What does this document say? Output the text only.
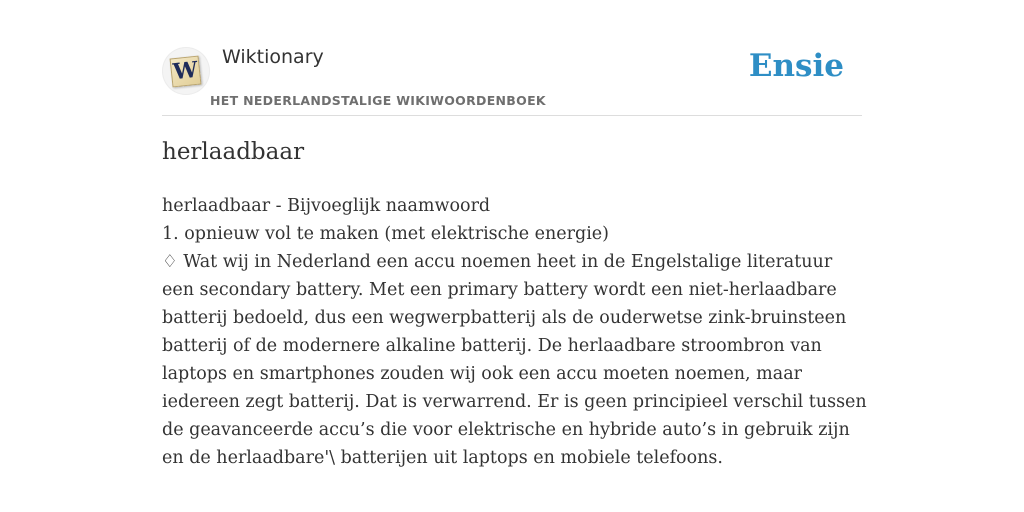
W Wiktionary
HET NEDERLANDSTALIGE WIKIWOORDENBOEK
Ensie
herlaadbaar

herlaadbaar - Bijvoeglijk naamwoord

1. opnieuw vol te maken (met elektrische energie)

♢ Wat wij in Nederland een accu noemen heet in de Engelstalige literatuur een secondary battery. Met een primary battery wordt een niet-herlaadbare batterij bedoeld, dus een wegwerpbatterij als de ouderwetse zink-bruinsteen batterij of de modernere alkaline batterij. De herlaadbare stroombron van laptops en smartphones zouden wij ook een accu moeten noemen, maar iedereen zegt batterij. Dat is verwarrend. Er is geen principieel verschil tussen de geavanceerde accu’s die voor elektrische en hybride auto’s in gebruik zijn en de herlaadbare'\ batterijen uit laptops en mobiele telefoons.
